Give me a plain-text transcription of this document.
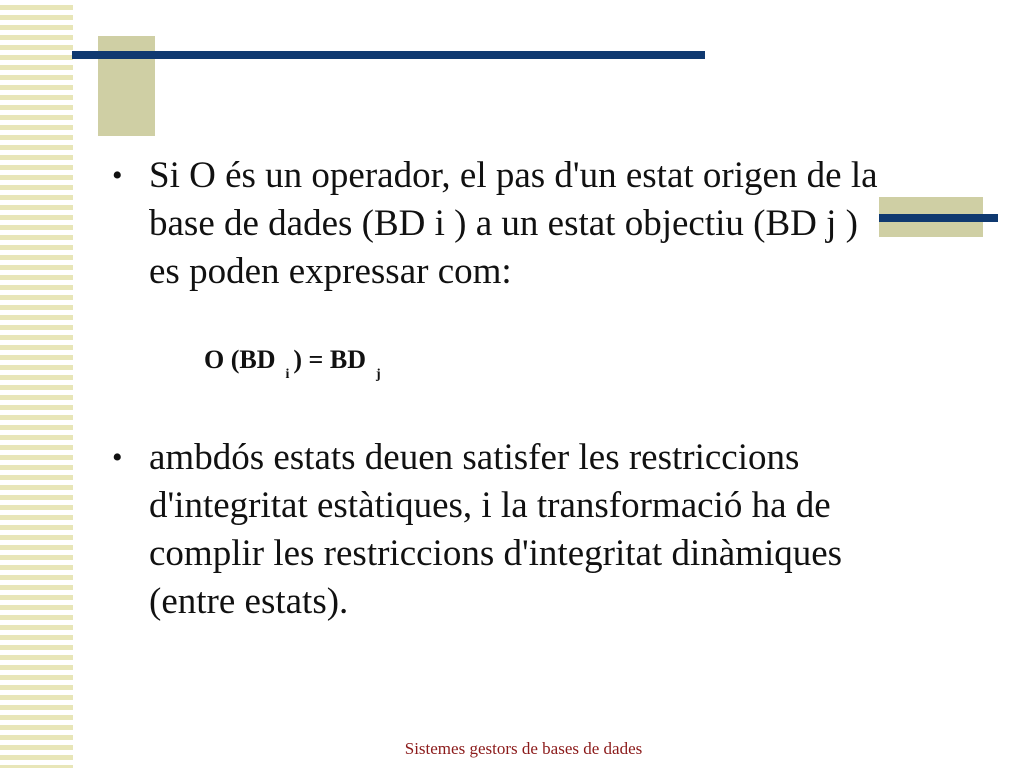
• Si O és un operador, el pas d'un estat origen de la base de dades (BD i ) a un estat objectiu (BD j ) es poden expressar com:
O $(BD_i) = BD_j$
• ambdós estats deuen satisfer les restriccions d'integritat estàtiques, i la transformació ha de complir les restriccions d'integritat dinàmiques (entre estats).
Sistemes gestors de bases de dades
